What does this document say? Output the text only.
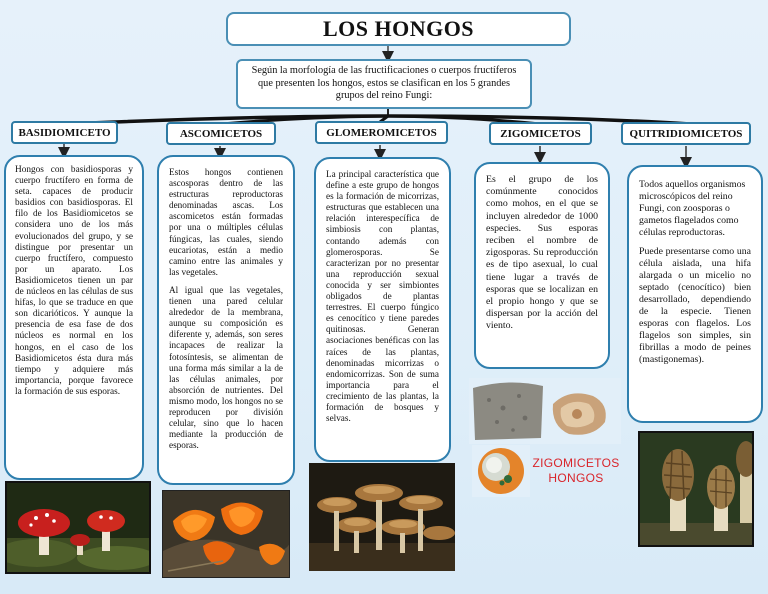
LOS HONGOS
Según la morfología de las fructificaciones o cuerpos fructíferos que presenten los hongos, estos se clasifican en los 5 grandes grupos del reino Fungi:
BASIDIOMICETO	ASCOMICETOS	GLOMEROMICETOS	ZIGOMICETOS	QUITRIDIOMICETOS

Hongos con basidiosporas y cuerpo fructífero en forma de seta. capaces de producir basidios con basidiosporas. El filo de los Basidiomicetos se considera uno de los más evolucionados del grupo, y se distingue por presentar un cuerpo fructífero, compuesto por un aparato. Los Basidiomicetos tienen un par de núcleos en las células de sus hifas, lo que se traduce en que son dicarióticos. Y aunque la presencia de esa fase de dos núcleos es normal en los hongos, en el caso de los Basidiomicetos ésta dura más tiempo y adquiere más importancia, porque favorece la formación de sus esporas.

Estos hongos contienen ascosporas dentro de las estructuras reproductoras denominadas ascas. Los ascomicetos están formadas por una o múltiples células fúngicas, las cuales, siendo eucariotas, están a medio camino entre las animales y las vegetales.

Al igual que las vegetales, tienen una pared celular alrededor de la membrana, aunque su composición es diferente y, además, son seres incapaces de realizar la fotosíntesis, se alimentan de una forma más similar a la de las células animales, por absorción de nutrientes. Del mismo modo, los hongos no se reproducen por división celular, sino que lo hacen mediante la producción de esporas.

La principal característica que define a este grupo de hongos es la formación de micorrizas, estructuras que establecen una relación interespecífica de simbiosis con plantas, contando además con glomerosporas. Se caracterizan por no presentar una reproducción sexual conocida y ser simbiontes obligados de plantas terrestres. El cuerpo fúngico es cenocítico y tiene paredes quitinosas. Generan asociaciones benéficas con las raíces de las plantas, denominadas micorrizas o endomicorrizas. Son de suma importancia para el crecimiento de las plantas, la formación de bosques y selvas.

Es el grupo de los comúnmente conocidos como mohos, en el que se incluyen alrededor de 1000 especies. Sus esporas reciben el nombre de zigosporas. Su reproducción es de tipo asexual, lo cual tiene lugar a través de esporas que se localizan en el propio hongo y que se dispersan por la acción del viento.

Todos aquellos organismos microscópicos del reino Fungi, con zoosporas o gametos flagelados como células reproductoras.

Puede presentarse como una célula aislada, una hifa alargada o un micelio no septado (cenocítico) bien desarrollado, dependiendo de la especie. Tienen esporas con flagelos. Los flagelos son simples, sin fibrillas a modo de peines (mastigonemas).

ZIGOMICETOS
HONGOS
